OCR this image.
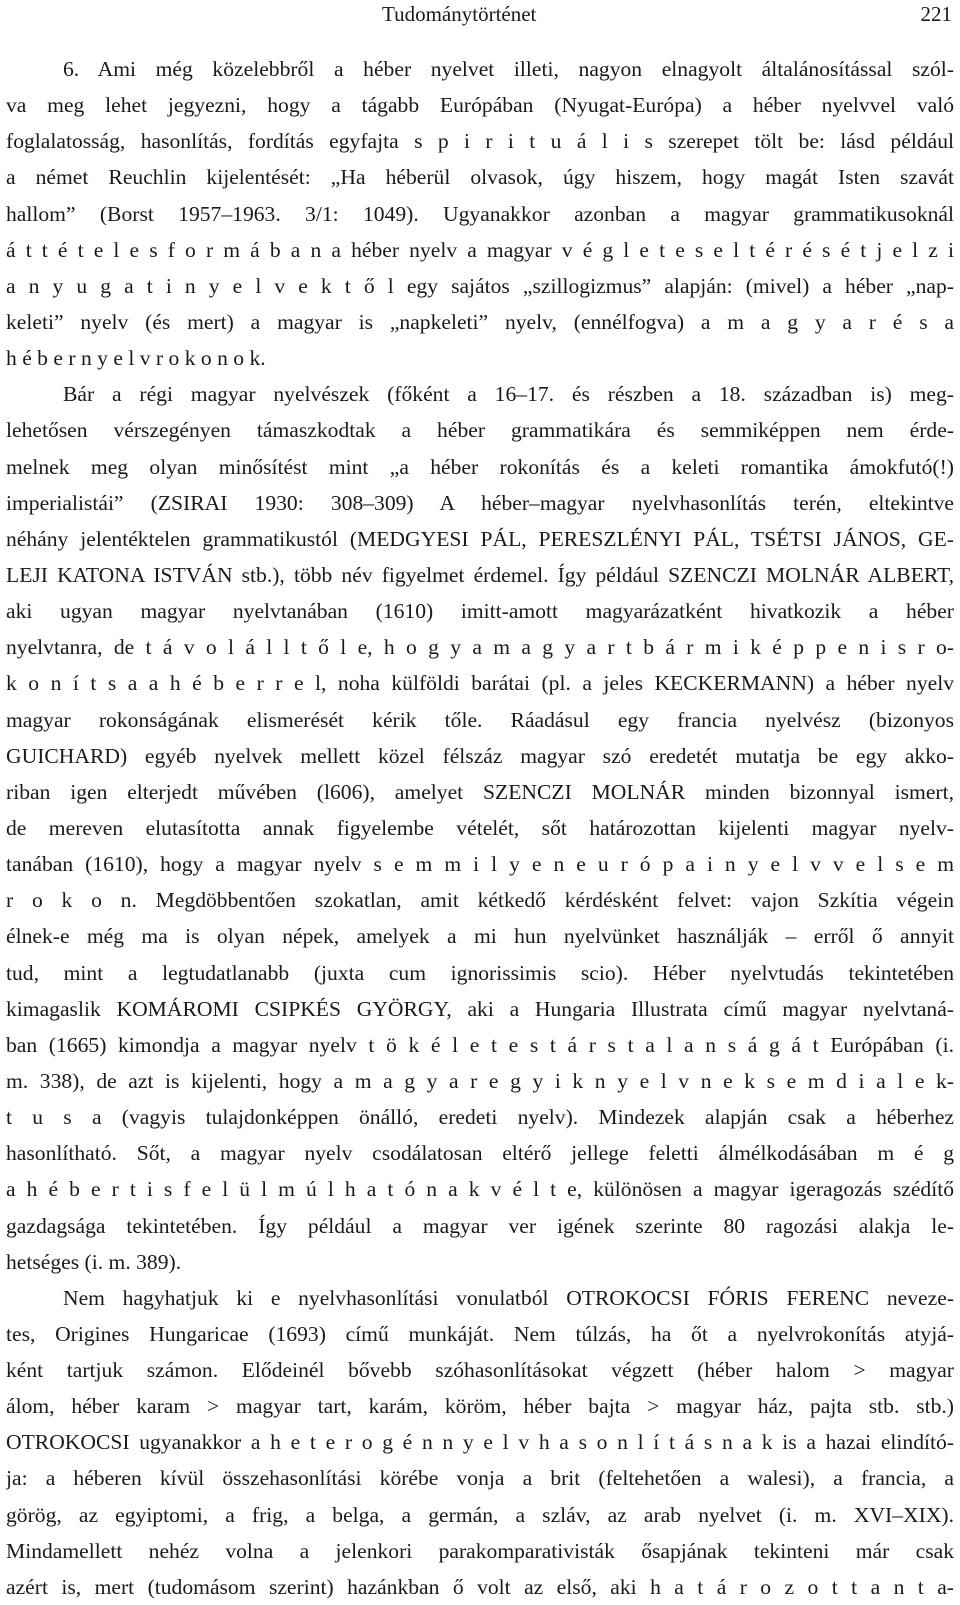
Tudománytörténet	221
6. Ami még közelebbről a héber nyelvet illeti, nagyon elnagyolt általánosítással szól-
va meg lehet jegyezni, hogy a tágabb Európában (Nyugat-Európa) a héber nyelvvel való
foglalatosság, hasonlítás, fordítás egyfajta s p i r i t u á l i s szerepet tölt be: lásd például
a német Reuchlin kijelentését: „Ha héberül olvasok, úgy hiszem, hogy magát Isten szavát
hallom” (Borst 1957–1963. 3/1: 1049). Ugyanakkor azonban a magyar grammatikusoknál
á t t é t e l e s f o r m á b a n a héber nyelv a magyar v é g l e t e s e l t é r é s é t j e l z i
a n y u g a t i n y e l v e k t ő l egy sajátos „szillogizmus” alapján: (mivel) a héber „nap-
keleti” nyelv (és mert) a magyar is „napkeleti” nyelv, (ennélfogva) a m a g y a r é s a
h é b e r n y e l v r o k o n o k.
Bár a régi magyar nyelvészek (főként a 16–17. és részben a 18. században is) meg-
lehetősen vérszegényen támaszkodtak a héber grammatikára és semmiképpen nem érde-
melnek meg olyan minősítést mint „a héber rokonítás és a keleti romantika ámokfutó(!)
imperialistái” (ZSIRAI 1930: 308–309) A héber–magyar nyelvhasonlítás terén, eltekintve
néhány jelentéktelen grammatikustól (MEDGYESI PÁL, PERESZLÉNYI PÁL, TSÉTSI JÁNOS, GE-
LEJI KATONA ISTVÁN stb.), több név figyelmet érdemel. Így például SZENCZI MOLNÁR ALBERT,
aki ugyan magyar nyelvtanában (1610) imitt-amott magyarázatként hivatkozik a héber
nyelvtanra, de t á v o l á l l t ő l e, h o g y a m a g y a r t b á r m i k é p p e n i s r o-
k o n í t s a a h é b e r r e l, noha külföldi barátai (pl. a jeles KECKERMANN) a héber nyelv
magyar rokonságának elismerését kérik tőle. Ráadásul egy francia nyelvész (bizonyos
GUICHARD) egyéb nyelvek mellett közel félszáz magyar szó eredetét mutatja be egy akko-
riban igen elterjedt művében (l606), amelyet SZENCZI MOLNÁR minden bizonnyal ismert,
de mereven elutasította annak figyelembe vételét, sőt határozottan kijelenti magyar nyelv-
tanában (1610), hogy a magyar nyelv s e m m i l y e n e u r ó p a i n y e l v v e l s e m
r o k o n. Megdöbbentően szokatlan, amit kétkedő kérdésként felvet: vajon Szkítia végein
élnek-e még ma is olyan népek, amelyek a mi hun nyelvünket használják – erről ő annyit
tud, mint a legtudatlanabb (juxta cum ignorissimis scio). Héber nyelvtudás tekintetében
kimagaslik KOMÁROMI CSIPKÉS GYÖRGY, aki a Hungaria Illustrata című magyar nyelvtaná-
ban (1665) kimondja a magyar nyelv t ö k é l e t e s t á r s t a l a n s á g á t Európában (i.
m. 338), de azt is kijelenti, hogy a m a g y a r e g y i k n y e l v n e k s e m d i a l e k-
t u s a (vagyis tulajdonképpen önálló, eredeti nyelv). Mindezek alapján csak a héberhez
hasonlítható. Sőt, a magyar nyelv csodálatosan eltérő jellege feletti álmélkodásában m é g
a h é b e r t i s f e l ü l m ú l h a t ó n a k v é l t e, különösen a magyar igeragozás szédítő
gazdagsága tekintetében. Így például a magyar ver igének szerinte 80 ragozási alakja le-
hetséges (i. m. 389).
Nem hagyhatjuk ki e nyelvhasonlítási vonulatból OTROKOCSI FÓRIS FERENC neveze-
tes, Origines Hungaricae (1693) című munkáját. Nem túlzás, ha őt a nyelvrokonítás atyjá-
ként tartjuk számon. Elődeinél bővebb szóhasonlításokat végzett (héber halom > magyar
álom, héber karam > magyar tart, karám, köröm, héber bajta > magyar ház, pajta stb. stb.)
OTROKOCSI ugyanakkor a h e t e r o g é n n y e l v h a s o n l í t á s n a k is a hazai elindító-
ja: a héberen kívül összehasonlítási körébe vonja a brit (feltehetően a walesi), a francia, a
görög, az egyiptomi, a frig, a belga, a germán, a szláv, az arab nyelvet (i. m. XVI–XIX).
Mindamellett nehéz volna a jelenkori parakomparativisták ősapjának tekinteni már csak
azért is, mert (tudomásom szerint) hazánkban ő volt az első, aki h a t á r o z o t t a n t a-
